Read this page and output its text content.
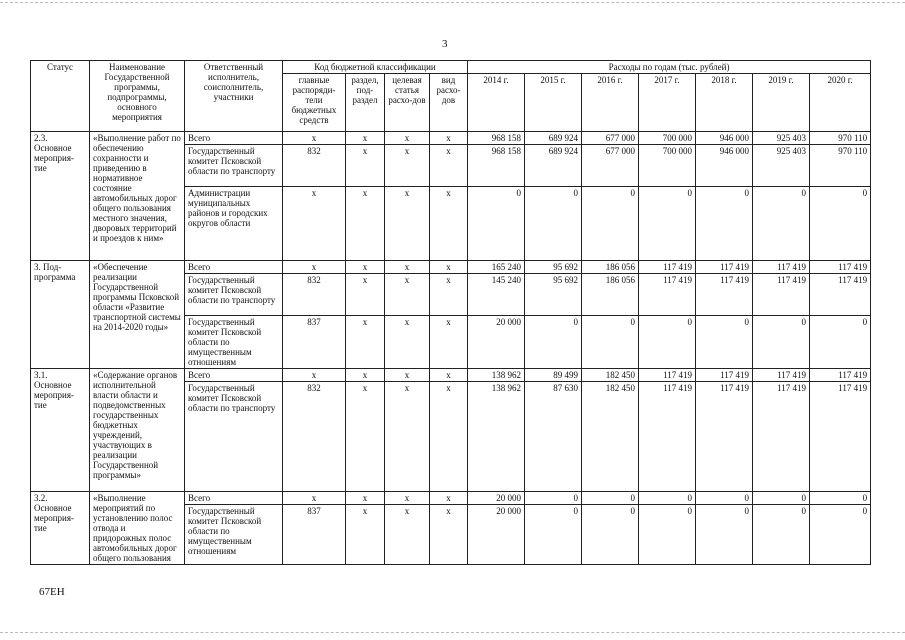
3
Статус	Наименование Государственной программы, подпрограммы, основного мероприятия	Ответственный исполнитель, соисполнитель, участники	Код бюджетной классификации				Расходы по годам (тыс. рублей)						
			главные распоряди-тели бюджетных средств	раздел, под-раздел	целевая статья расхо-дов	вид расхо-дов	2014 г.	2015 г.	2016 г.	2017 г.	2018 г.	2019 г.	2020 г.
2.3. Основное мероприя-тие	«Выполнение работ по обеспечению сохранности и приведению в нормативное состояние автомобильных дорог общего пользования местного значения, дворовых территорий и проездов к ним»	Всего	x	x	x	x	968 158	689 924	677 000	700 000	946 000	925 403	970 110
		Государственный комитет Псковской области по транспорту	832	x	x	x	968 158	689 924	677 000	700 000	946 000	925 403	970 110
		Администрации муниципальных районов и городских округов области	x	x	x	x	0	0	0	0	0	0	0
3. Под-программа	«Обеспечение реализации Государственной программы Псковской области «Развитие транспортной системы на 2014-2020 годы»	Всего	x	x	x	x	165 240	95 692	186 056	117 419	117 419	117 419	117 419
		Государственный комитет Псковской области по транспорту	832	x	x	x	145 240	95 692	186 056	117 419	117 419	117 419	117 419
		Государственный комитет Псковской области по имущественным отношениям	837	x	x	x	20 000	0	0	0	0	0	0
3.1. Основное мероприя-тие	«Содержание органов исполнительной власти области и подведомственных государственных бюджетных учреждений, участвующих в реализации Государственной программы»	Всего	x	x	x	x	138 962	89 499	182 450	117 419	117 419	117 419	117 419
		Государственный комитет Псковской области по транспорту	832	x	x	x	138 962	87 630	182 450	117 419	117 419	117 419	117 419
3.2. Основное мероприя-тие	«Выполнение мероприятий по установлению полос отвода и придорожных полос автомобильных дорог общего пользования	Всего	x	x	x	x	20 000	0	0	0	0	0	0
		Государственный комитет Псковской области по имущественным отношениям	837	x	x	x	20 000	0	0	0	0	0	0
67ЕН
